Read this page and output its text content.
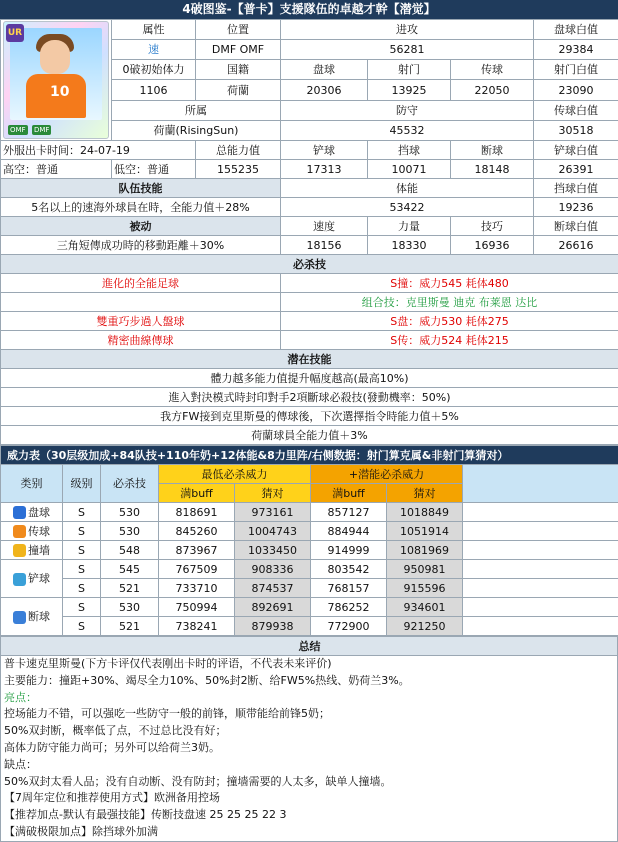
4破图鉴-【普卡】支援隊伍的卓越才幹【潜觉】
10
UR
OMF DMF	属性	位置	进攻			盘球白值
	速	DMF OMF	56281			29384
	0破初始体力	国籍	盘球	射门	传球	射门白值
	1106	荷蘭	20306	13925	22050	23090
	所属		防守			传球白值
	荷蘭(RisingSun)		45532			30518
外服出卡时间：24-07-19		总能力值	铲球	挡球	断球	铲球白值
高空：普通	低空：普通	155235	17313	10071	18148	26391
队伍技能			体能			挡球白值
5名以上的速海外球員在時，全能力值＋28%			53422			19236
被动			速度	力量	技巧	断球白值
三角短傳成功時的移動距離＋30%			18156	18330	16936	26616
必杀技						
進化的全能足球			S撞：威力545 耗体480			
			组合技：克里斯曼 迪克 布莱恩 达比			
雙重巧步過人盤球			S盘：威力530 耗体275			
精密曲線傳球			S传：威力524 耗体215			
潜在技能						
體力越多能力值提升幅度越高(最高10%)						
進入對決模式時封印對手2項斷球必殺技(發動機率：50%)						
我方FW接到克里斯曼的傳球後，下次選擇指令時能力值＋5%						
荷蘭球員全能力值＋3%						
威力表（30层级加成+84队技+110年奶+12体能&8力里阵/右侧数据：射门算克属&非射门算猜对）							
类别	级别	必杀技	最低必杀威力		+潜能必杀威力		
			满buff	猜对	满buff	猜对	
盘球	S	530	818691	973161	857127	1018849	
传球	S	530	845260	1004743	884944	1051914	
撞墙	S	548	873967	1033450	914999	1081969	
铲球	S	545	767509	908336	803542	950981	
	S	521	733710	874537	768157	915596	
断球	S	530	750994	892691	786252	934601	
	S	521	738241	879938	772900	921250	
总结

普卡速克里斯曼(下方卡评仅代表刚出卡时的评语，不代表未来评价)
主要能力：撞距+30%、竭尽全力10%、50%封2断、给FW5%热线、奶荷兰3%。
亮点：
控场能力不错，可以强吃一些防守一般的前锋，顺带能给前锋5奶；
50%双封断，概率低了点，不过总比没有好；
高体力防守能力尚可；另外可以给荷兰3奶。
缺点：
50%双封太看人品；没有自动断、没有防封；撞墙需要的人太多，缺单人撞墙。
【7周年定位和推荐使用方式】欧洲备用控场
【推荐加点-默认有最强技能】传断技盘速 25 25 25 22 3
【满破极限加点】除挡球外加满
